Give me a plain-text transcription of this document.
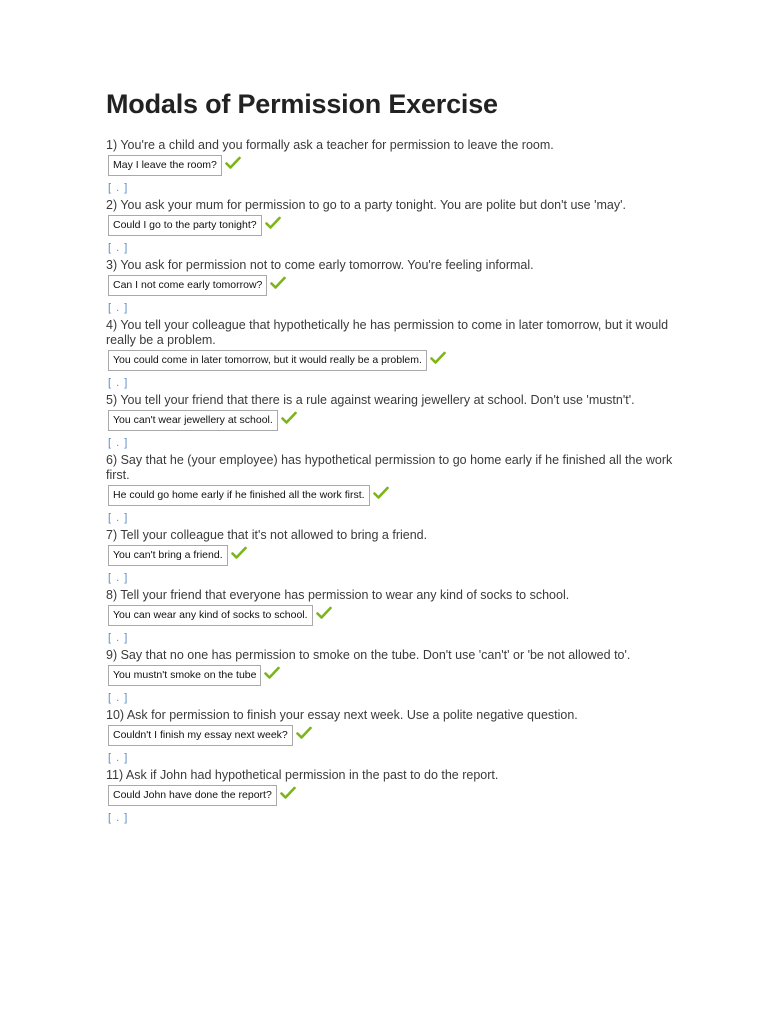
Modals of Permission Exercise

1) You're a child and you formally ask a teacher for permission to leave the room.

May I leave the room?
[ . ]

2) You ask your mum for permission to go to a party tonight. You are polite but don't use 'may'.

Could I go to the party tonight?
[ . ]

3) You ask for permission not to come early tomorrow. You're feeling informal.

Can I not come early tomorrow?
[ . ]

4) You tell your colleague that hypothetically he has permission to come in later tomorrow, but it would really be a problem.

You could come in later tomorrow, but it would really be a problem.
[ . ]

5) You tell your friend that there is a rule against wearing jewellery at school. Don't use 'mustn't'.

You can't wear jewellery at school.
[ . ]

6) Say that he (your employee) has hypothetical permission to go home early if he finished all the work first.

He could go home early if he finished all the work first.
[ . ]

7) Tell your colleague that it's not allowed to bring a friend.

You can't bring a friend.
[ . ]

8) Tell your friend that everyone has permission to wear any kind of socks to school.

You can wear any kind of socks to school.
[ . ]

9) Say that no one has permission to smoke on the tube. Don't use 'can't' or 'be not allowed to'.

You mustn't smoke on the tube
[ . ]

10) Ask for permission to finish your essay next week. Use a polite negative question.

Couldn't I finish my essay next week?
[ . ]

11) Ask if John had hypothetical permission in the past to do the report.

Could John have done the report?
[ . ]
